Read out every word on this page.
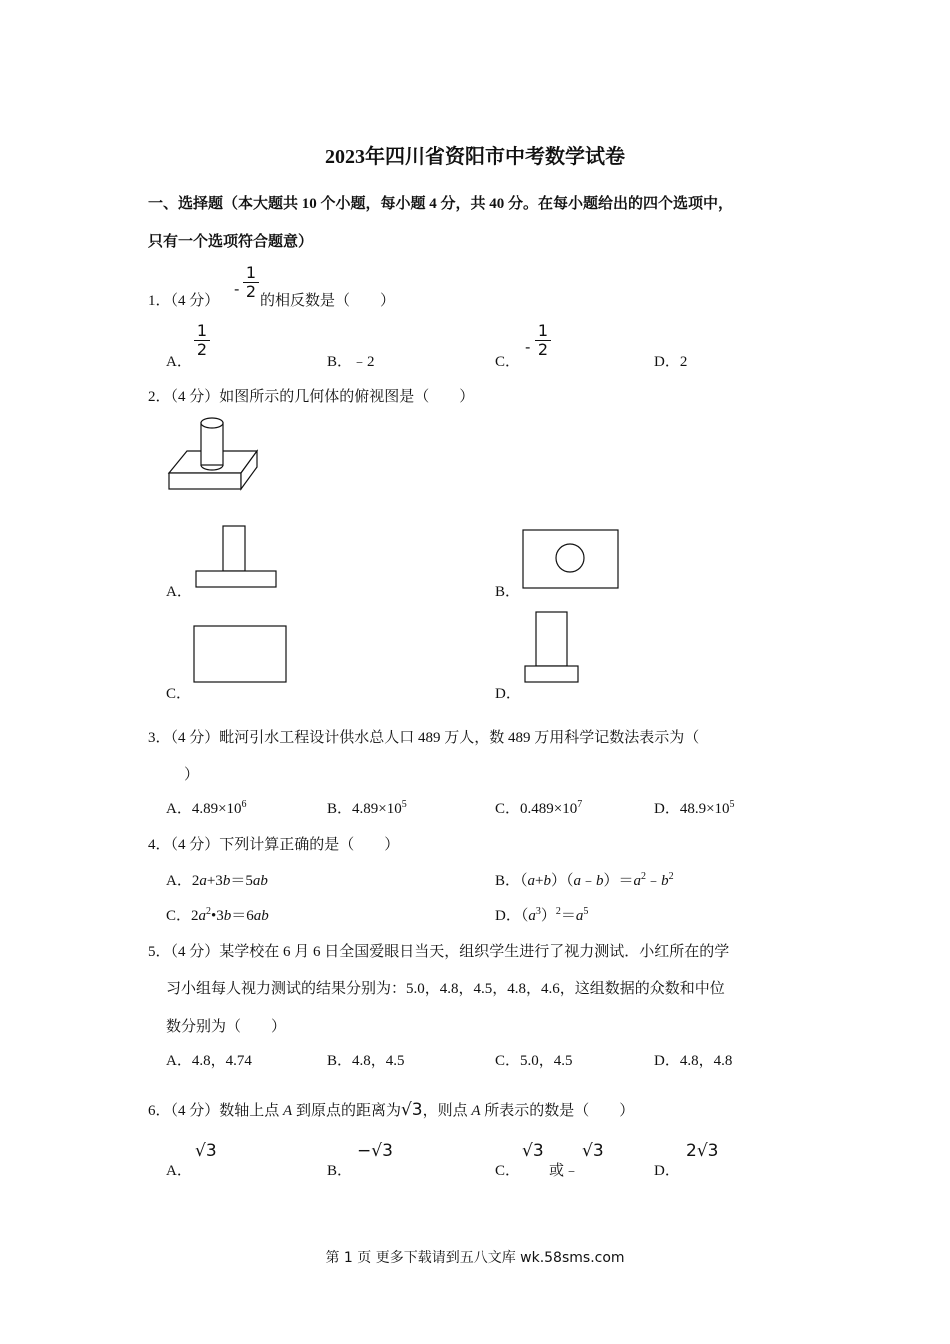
2023年四川省资阳市中考数学试卷
一、选择题（本大题共 10 个小题，每小题 4 分，共 40 分。在每小题给出的四个选项中，
只有一个选项符合题意）
1．（4 分）
- $\frac{1}{2}$ 的相反数是（　　）
A．
$\frac{1}{2}$
B．﹣2	C．
- $\frac{1}{2}$
D．2
2．（4 分）如图所示的几何体的俯视图是（　　）
A．	B．
C．	D．
3．（4 分）毗河引水工程设计供水总人口 489 万人，数 489 万用科学记数法表示为（
）
A．$4.89\times 10^6$	B．$4.89\times 10^5$	C．$0.489\times 10^7$	D．$48.9\times 10^5$
4．（4 分）下列计算正确的是（　　）
A．2a+3b＝5ab	B．$(a+b)(a﹣b)=a^2﹣b^2$
C．$2a^2•3b=6ab$	D．$(a^3)^2=a^5$
5．（4 分）某学校在 6 月 6 日全国爱眼日当天，组织学生进行了视力测试．小红所在的学
习小组每人视力测试的结果分别为：5.0，4.8，4.5，4.8，4.6，这组数据的众数和中位
数分别为（　　）
A．4.8，4.74	B．4.8，4.5	C．5.0，4.5	D．4.8，4.8
6．（4 分）数轴上点 A 到原点的距离为√3，则点 A 所表示的数是（　　）
A．
√3
B．
−√3
C．
√3
或﹣
√3
D．
2√3
第 1 页 更多下载请到五八文库 wk.58sms.com
